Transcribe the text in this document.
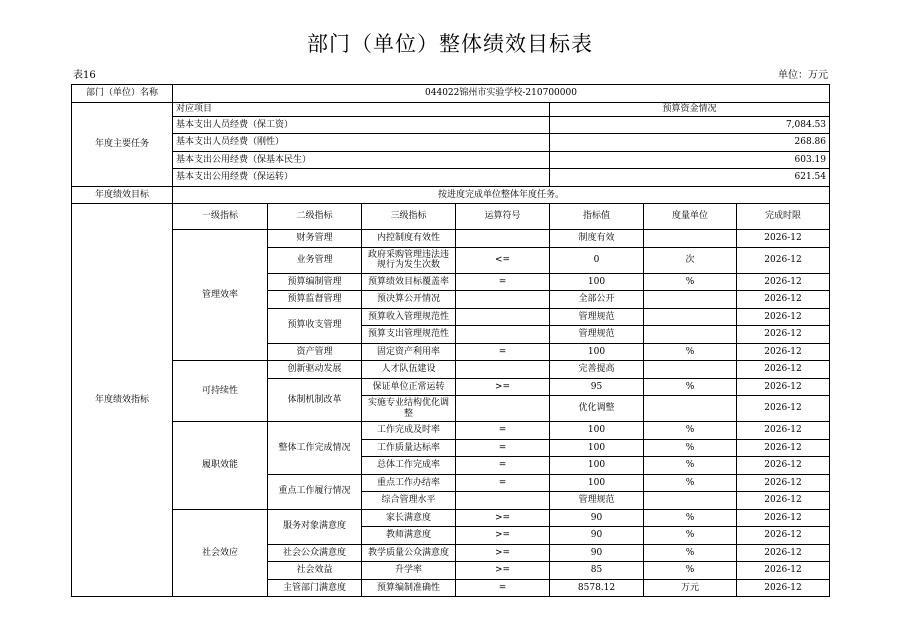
部门（单位）整体绩效目标表
表16	单位：万元
部门（单位）名称	044022锦州市实验学校-210700000						
年度主要任务	对应项目				预算资金情况		
	基本支出人员经费（保工资）				7,084.53		
	基本支出人员经费（刚性）				268.86		
	基本支出公用经费（保基本民生）				603.19		
	基本支出公用经费（保运转）				621.54		
年度绩效目标	按进度完成单位整体年度任务。						
年度绩效指标	一级指标	二级指标	三级指标	运算符号	指标值	度量单位	完成时限
	管理效率	财务管理	内控制度有效性		制度有效		2026-12
		业务管理	政府采购管理违法违规行为发生次数	<=	0	次	2026-12
		预算编制管理	预算绩效目标覆盖率	=	100	%	2026-12
		预算监督管理	预决算公开情况		全部公开		2026-12
		预算收支管理	预算收入管理规范性		管理规范		2026-12
			预算支出管理规范性		管理规范		2026-12
		资产管理	固定资产利用率	=	100	%	2026-12
	可持续性	创新驱动发展	人才队伍建设		完善提高		2026-12
		体制机制改革	保证单位正常运转	>=	95	%	2026-12
			实施专业结构优化调整		优化调整		2026-12
	履职效能	整体工作完成情况	工作完成及时率	=	100	%	2026-12
			工作质量达标率	=	100	%	2026-12
			总体工作完成率	=	100	%	2026-12
		重点工作履行情况	重点工作办结率	=	100	%	2026-12
			综合管理水平		管理规范		2026-12
	社会效应	服务对象满意度	家长满意度	>=	90	%	2026-12
			教师满意度	>=	90	%	2026-12
		社会公众满意度	教学质量公众满意度	>=	90	%	2026-12
		社会效益	升学率	>=	85	%	2026-12
		主管部门满意度	预算编制准确性	=	8578.12	万元	2026-12
